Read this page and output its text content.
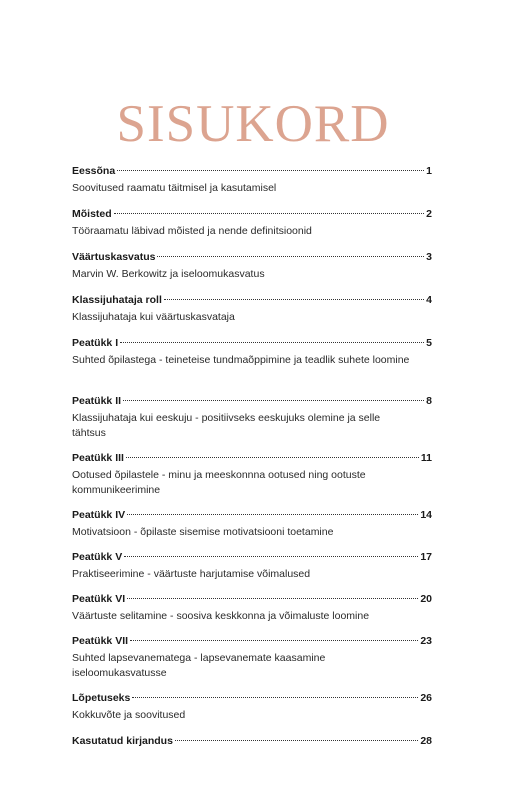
SISUKORD
Eessõna	1
Soovitused raamatu täitmisel ja kasutamisel
Mõisted	2
Tööraamatu läbivad mõisted ja nende definitsioonid
Väärtuskasvatus	3
Marvin W. Berkowitz ja iseloomukasvatus
Klassijuhataja roll	4
Klassijuhataja kui väärtuskasvataja
Peatükk I	5
Suhted õpilastega - teineteise tundmaõppimine ja teadlik suhete loomine
Peatükk II	8
Klassijuhataja kui eeskuju - positiivseks eeskujuks olemine ja selle tähtsus
Peatükk III	11
Ootused õpilastele - minu ja meeskonnna ootused ning ootuste kommunikeerimine
Peatükk IV	14
Motivatsioon - õpilaste sisemise motivatsiooni toetamine
Peatükk V	17
Praktiseerimine - väärtuste harjutamise võimalused
Peatükk VI	20
Väärtuste selitamine - soosiva keskkonna ja võimaluste loomine
Peatükk VII	23
Suhted lapsevanematega - lapsevanemate kaasamine iseloomukasvatusse
Lõpetuseks	26
Kokkuvõte ja soovitused
Kasutatud kirjandus	28
